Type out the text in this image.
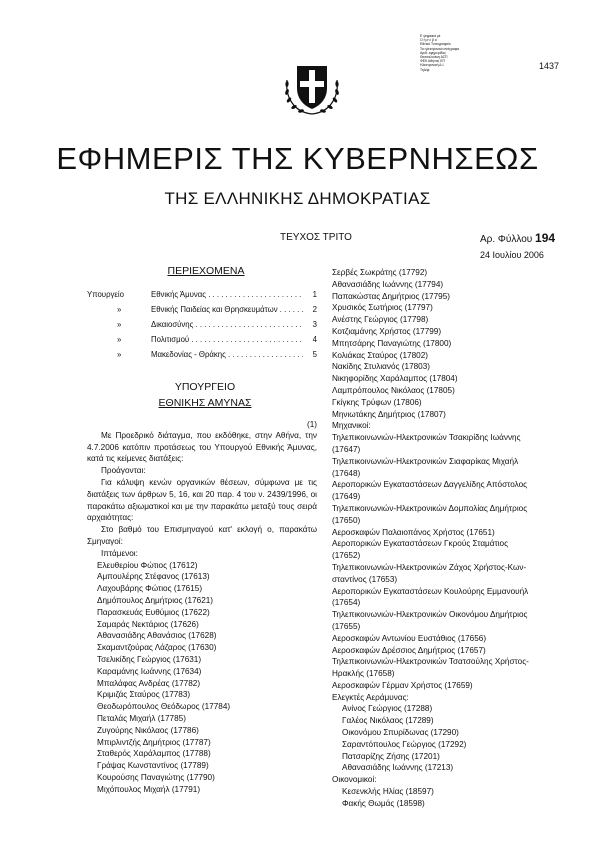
Ε ψηφιακά μέ
Ο ή σ ε β α
Εθνικό Τυπογραφείο
Τα ηλεκτρονικά αντίγραφα
Αριθ. εφημερίδας
Θεσσαλονίκη ΑΣΠ
ΦΕΚ Αθήνας ΕΠ
Ηλεκτρονική Δ.Ι.
Τηλέφ:	1437
ΕΦΗΜΕΡΙΣ ΤΗΣ ΚΥΒΕΡΝΗΣΕΩΣ
ΤΗΣ ΕΛΛΗΝΙΚΗΣ ΔΗΜΟΚΡΑΤΙΑΣ
ΤΕΥΧΟΣ ΤΡΙΤΟ	Αρ. Φύλλου 194
24 Ιουλίου 2006
ΠΕΡΙΕΧΟΜΕΝΑ
Υπουργείο	Εθνικής Άμυνας . . .	1
»	Εθνικής Παιδείας και Θρησκευμάτων . . .	2
»	Δικαιοσύνης . . .	3
»	Πολιτισμού . . .	4
»	Μακεδονίας - Θράκης . . .	5
ΥΠΟΥΡΓΕΙΟ
ΕΘΝΙΚΗΣ ΑΜΥΝΑΣ
(1)
Με Προεδρικό διάταγμα, που εκδόθηκε, στην Αθήνα, την 4.7.2006 κατόπιν προτάσεως του Υπουργού Εθνικής Άμυνας, κατά τις κείμενες διατάξεις:
Προάγονται:
Για κάλυψη κενών οργανικών θέσεων, σύμφωνα με τις διατάξεις των άρθρων 5, 16, και 20 παρ. 4 του ν. 2439/1996, οι παρακάτω αξιωματικοί και με την παρακάτω μεταξύ τους σειρά αρχαιότητας:
Στο βαθμό του Επισμηναγού κατ' εκλογή ο, παρακάτω Σμηναγοί:
Ιπτάμενοι:
Ελευθερίου Φώτιος (17612)
Αμπουλέρης Στέφανος (17613)
Λαχουβάρης Φώτιος (17615)
Δημόπουλος Δημήτριος (17621)
Παρασκευάς Ευθύμιος (17622)
Σαμαράς Νεκτάριος (17626)
Αθανασιάδης Αθανάσιος (17628)
Σκαμαντζούρας Λάζαρος (17630)
Τσελικίδης Γεώργιος (17631)
Καραμάνης Ιωάννης (17634)
Μπαλάφας Ανδρέας (17782)
Κριμιζάς Σταύρος (17783)
Θεοδωρόπουλος Θεόδωρος (17784)
Πεταλάς Μιχαήλ (17785)
Ζυγούρης Νικόλαος (17786)
Μπιρλιντζής Δημήτριος (17787)
Σταθερός Χαράλαμπος (17788)
Γράψας Κωνσταντίνος (17789)
Κουρούσης Παναγιώτης (17790)
Μιχόπουλος Μιχαήλ (17791)
Σερβές Σωκράτης (17792)
Αθανασιάδης Ιωάννης (17794)
Παπακώστας Δημήτριος (17795)
Χρυσικός Σωτήριος (17797)
Ανέστης Γεώργιος (17798)
Κοτζιαμάνης Χρήστος (17799)
Μπητσάρης Παναγιώτης (17800)
Κολιάκας Σταύρος (17802)
Νακίδης Στυλιανός (17803)
Νικηφορίδης Χαράλαμπος (17804)
Λαμπρόπουλος Νικόλαος (17805)
Γκίγκης Τρύφων (17806)
Μηνιωτάκης Δημήτριος (17807)
Μηχανικοί:
Τηλεπικοινωνιών-Ηλεκτρονικών Τσακιρίδης Ιωάννης
(17647)
Τηλεπικοινωνιών-Ηλεκτρονικών Σιαφαρίκας Μιχαήλ
(17648)
Αεροπορικών Εγκαταστάσεων Δαγγελίδης Απόστολος
(17649)
Τηλεπικοινωνιών-Ηλεκτρονικών Δομπολίας Δημήτριος
(17650)
Αεροσκαφών Παλαιοπάνος Χρήστος (17651)
Αεροπορικών Εγκαταστάσεων Γκρούς Σταμάτιος
(17652)
Τηλεπικοινωνιών-Ηλεκτρονικών Ζάχος Χρήστος-Κων-
σταντίνος (17653)
Αεροπορικών Εγκαταστάσεων Κουλούρης Εμμανουήλ
(17654)
Τηλεπικοινωνιών-Ηλεκτρονικών Οικονόμου Δημήτριος
(17655)
Αεροσκαφών Αντωνίου Ευστάθιος (17656)
Αεροσκαφών Δρέσσιος Δημήτριος (17657)
Τηλεπικοινωνιών-Ηλεκτρονικών Τσατσούλης Χρήστος-
Ηρακλής (17658)
Αεροσκαφών Γέρμαν Χρήστος (17659)
Ελεγκτές Αεράμυνας:
Ανίνος Γεώργιος (17288)
Γαλέος Νικόλαος (17289)
Οικονόμου Σπυρίδωνας (17290)
Σαραντόπουλος Γεώργιος (17292)
Πατσαρίζης Ζήσης (17201)
Αθανασιάδης Ιωάννης (17213)
Οικονομικοί:
Κεσενκλής Ηλίας (18597)
Φακής Θωμάς (18598)
